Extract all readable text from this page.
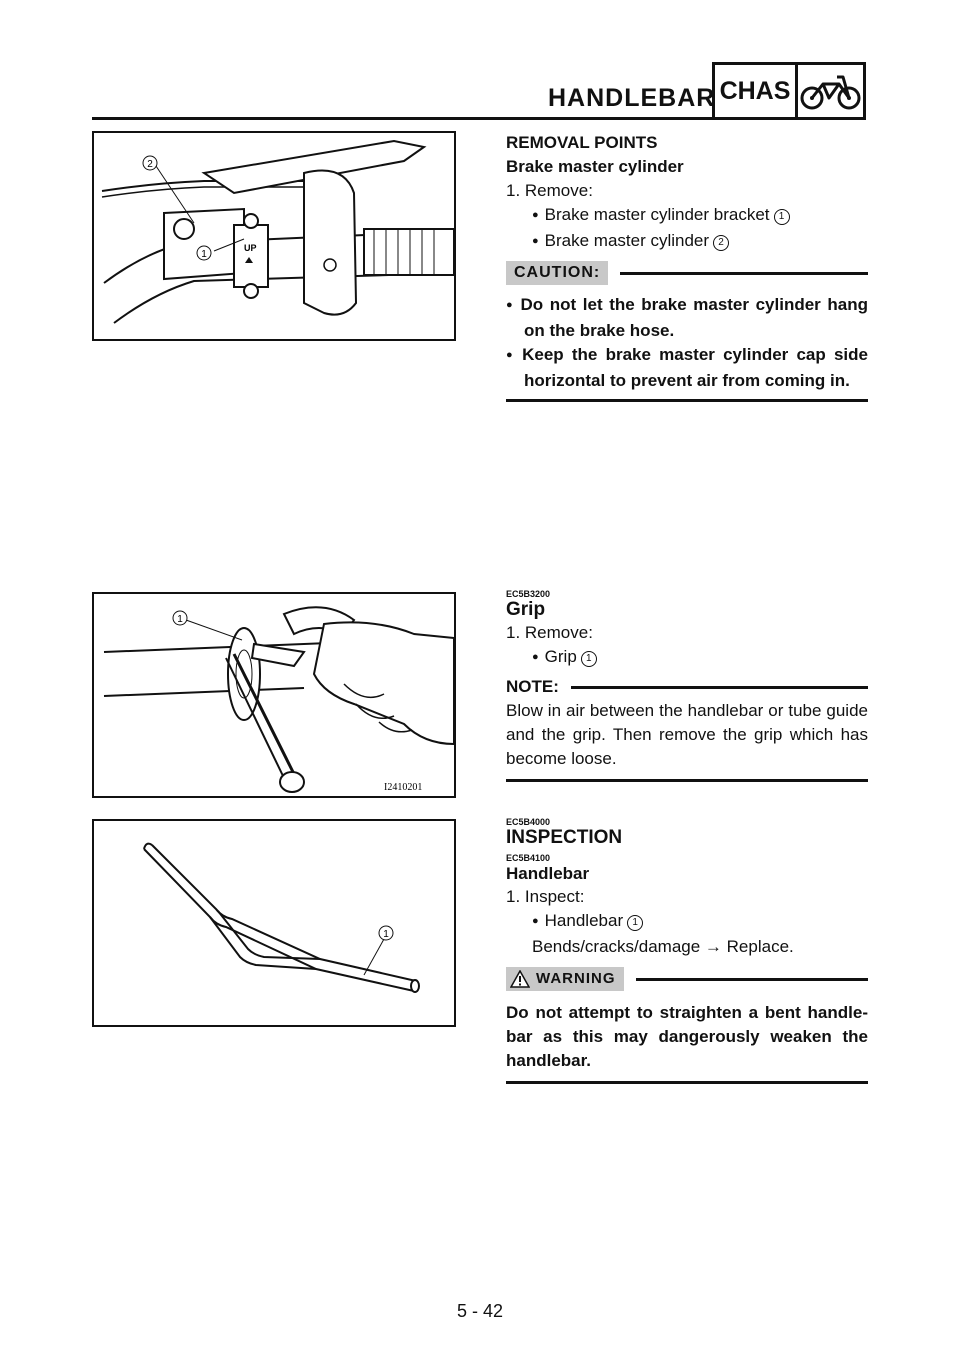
HANDLEBAR CHAS
UP
2
1
1
I2410201
1
REMOVAL POINTS
Brake master cylinder
1. Remove:
● Brake master cylinder bracket 1
● Brake master cylinder 2
CAUTION:
● Do not let the brake master cylinder hang on the brake hose.
● Keep the brake master cylinder cap side horizontal to prevent air from coming in.
EC5B3200
Grip
1. Remove:
● Grip 1
NOTE:
Blow in air between the handlebar or tube guide and the grip. Then remove the grip which has become loose.
EC5B4000
INSPECTION
EC5B4100
Handlebar
1. Inspect:
● Handlebar 1
Bends/cracks/damage → Replace.
WARNING
Do not attempt to straighten a bent handle-bar as this may dangerously weaken the handlebar.
5 - 42
